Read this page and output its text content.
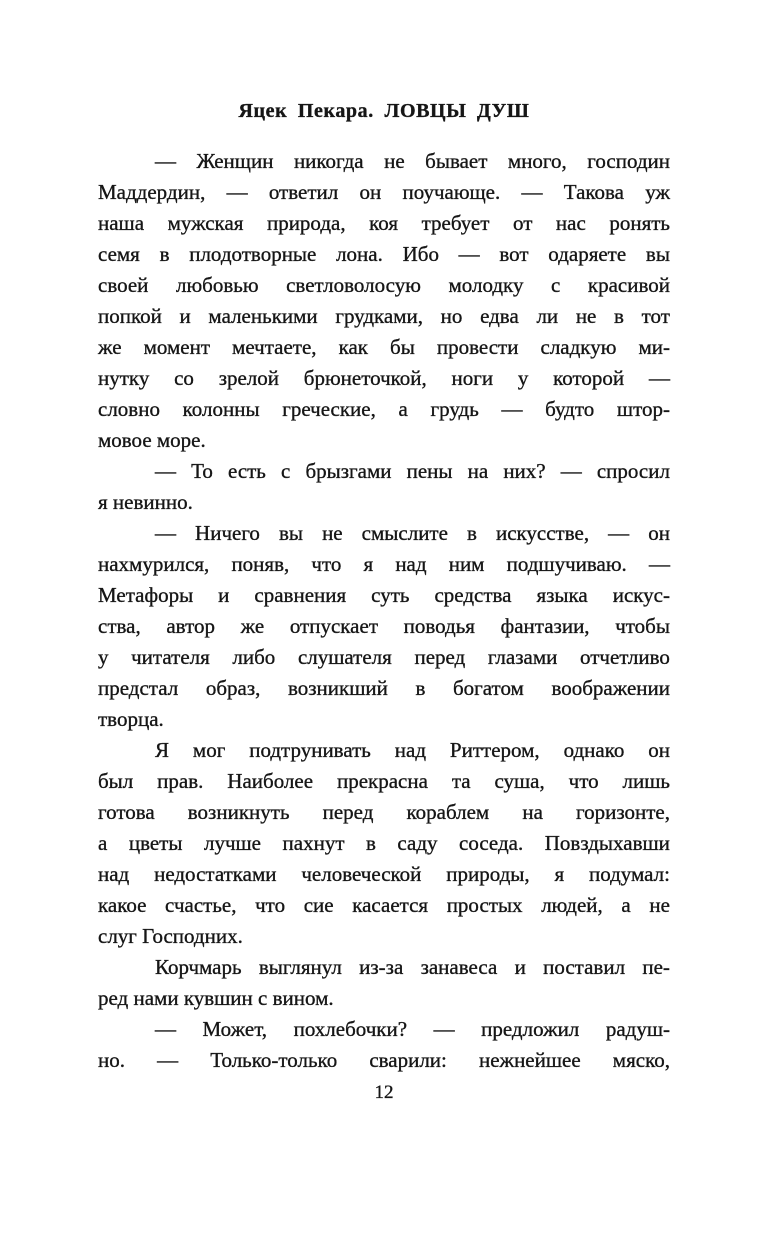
Яцек Пекара. ЛОВЦЫ ДУШ
— Женщин никогда не бывает много, господин
Маддердин, — ответил он поучающе. — Такова уж
наша мужская природа, коя требует от нас ронять
семя в плодотворные лона. Ибо — вот одаряете вы
своей любовью светловолосую молодку с красивой
попкой и маленькими грудками, но едва ли не в тот
же момент мечтаете, как бы провести сладкую ми-
нутку со зрелой брюнеточкой, ноги у которой —
словно колонны греческие, а грудь — будто штор-
мовое море.
— То есть с брызгами пены на них? — спросил
я невинно.
— Ничего вы не смыслите в искусстве, — он
нахмурился, поняв, что я над ним подшучиваю. —
Метафоры и сравнения суть средства языка искус-
ства, автор же отпускает поводья фантазии, чтобы
у читателя либо слушателя перед глазами отчетливо
предстал образ, возникший в богатом воображении
творца.
Я мог подтрунивать над Риттером, однако он
был прав. Наиболее прекрасна та суша, что лишь
готова возникнуть перед кораблем на горизонте,
а цветы лучше пахнут в саду соседа. Повздыхавши
над недостатками человеческой природы, я подумал:
какое счастье, что сие касается простых людей, а не
слуг Господних.
Корчмарь выглянул из-за занавеса и поставил пе-
ред нами кувшин с вином.
— Может, похлебочки? — предложил радуш-
но. — Только-только сварили: нежнейшее мяско,
12
